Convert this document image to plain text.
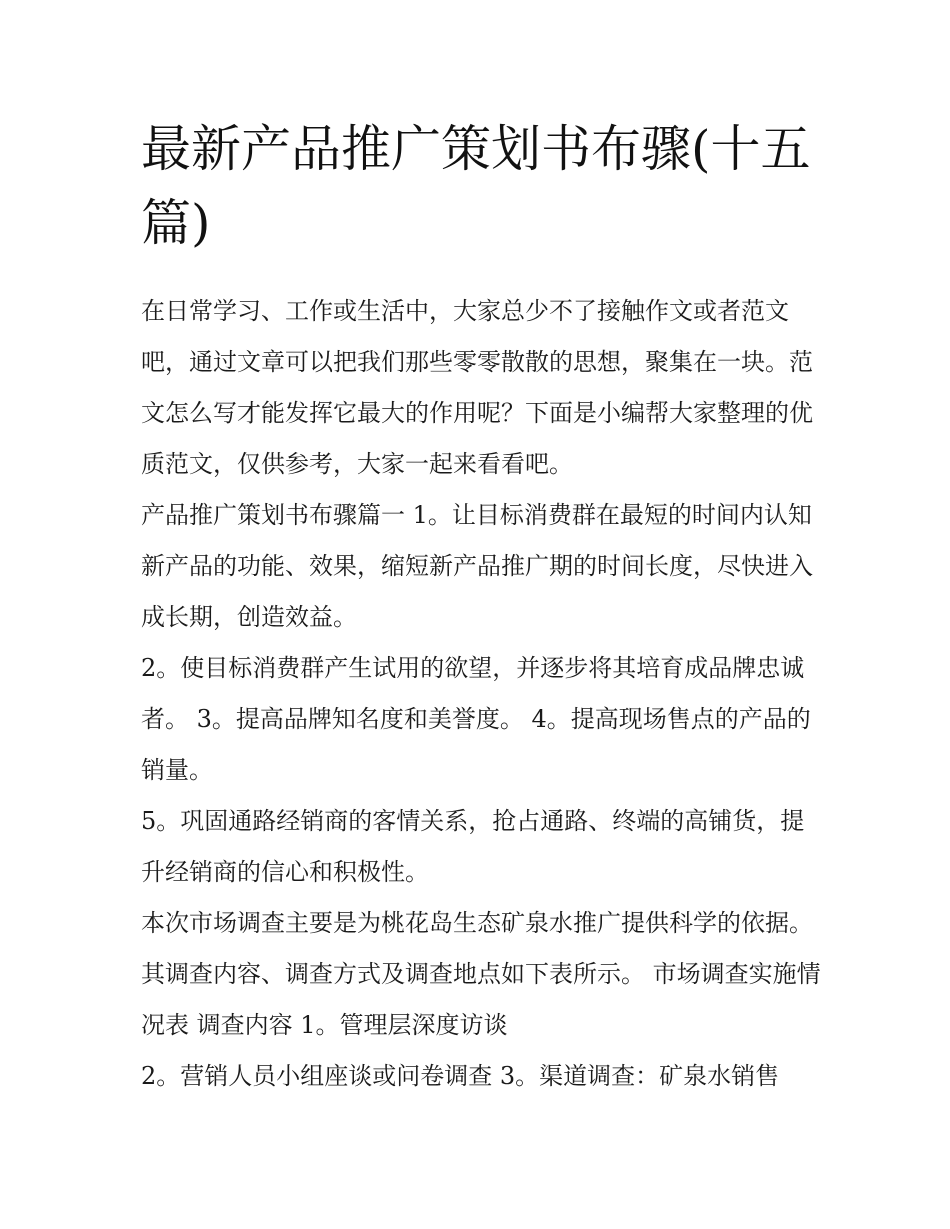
最新产品推广策划书布骤(十五篇)

在日常学习、工作或生活中，大家总少不了接触作文或者范文吧，通过文章可以把我们那些零零散散的思想，聚集在一块。范文怎么写才能发挥它最大的作用呢？下面是小编帮大家整理的优质范文，仅供参考，大家一起来看看吧。

产品推广策划书布骤篇一 1。让目标消费群在最短的时间内认知新产品的功能、效果，缩短新产品推广期的时间长度，尽快进入成长期，创造效益。

2。使目标消费群产生试用的欲望，并逐步将其培育成品牌忠诚者。 3。提高品牌知名度和美誉度。 4。提高现场售点的产品的销量。

5。巩固通路经销商的客情关系，抢占通路、终端的高铺货，提升经销商的信心和积极性。

本次市场调查主要是为桃花岛生态矿泉水推广提供科学的依据。其调查内容、调查方式及调查地点如下表所示。 市场调查实施情况表 调查内容 1。管理层深度访谈

2。营销人员小组座谈或问卷调查 3。渠道调查：矿泉水销售
